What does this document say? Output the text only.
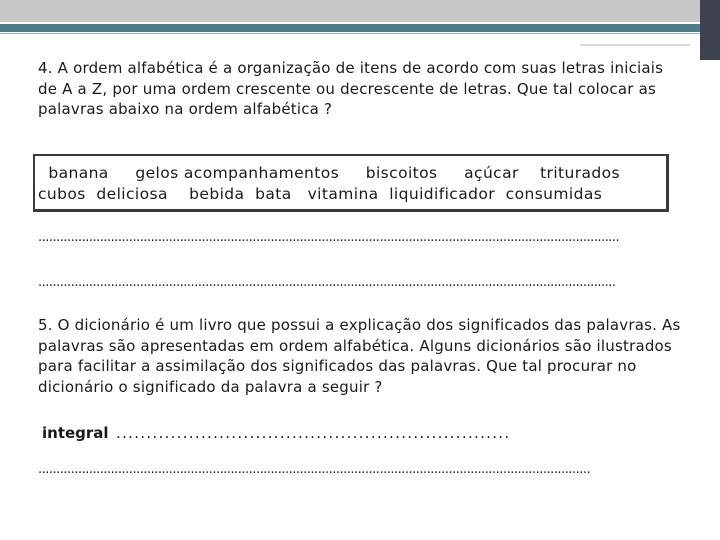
4. A ordem alfabética é a organização de itens de acordo com suas letras iniciais de A a Z, por uma ordem crescente ou decrescente de letras. Que tal colocar as palavras abaixo na ordem alfabética ?
banana     gelos acompanhamentos     biscoitos     açúcar    triturados
cubos  deliciosa    bebida  bata   vitamina  liquidificador  consumidas
................................................................................................................................................................
...............................................................................................................................................................
5. O dicionário é um livro que possui a explicação dos significados das palavras. As palavras são apresentadas em ordem alfabética. Alguns dicionários são ilustrados para facilitar a assimilação dos significados das palavras. Que tal procurar no dicionário o significado da palavra a seguir ?
integral .................................................................
........................................................................................................................................................
